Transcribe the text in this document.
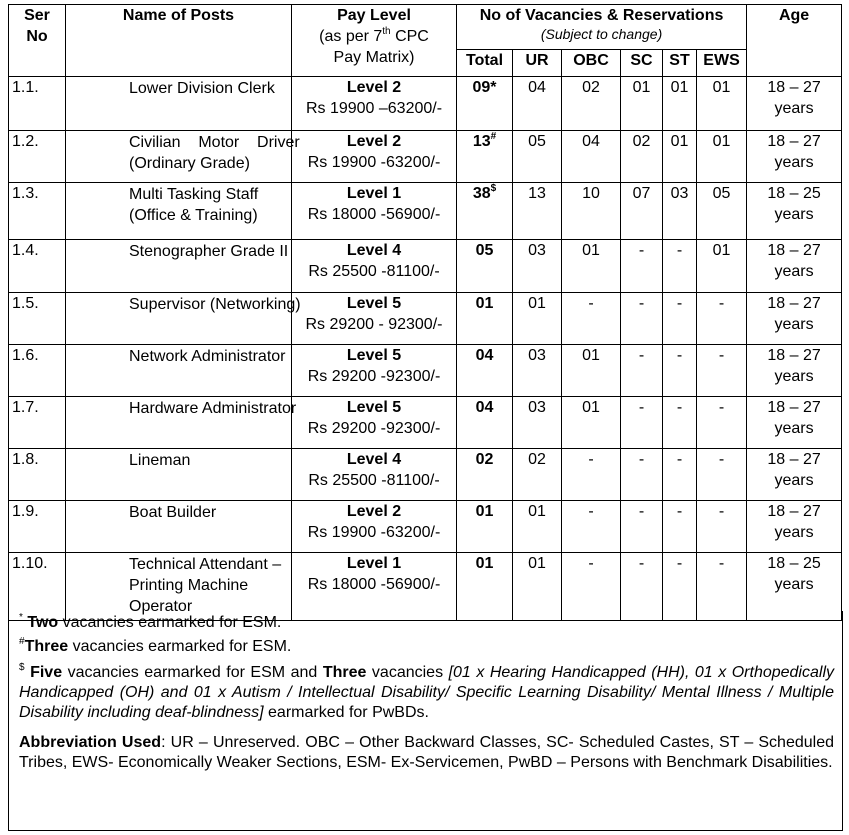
Ser
No	Name of Posts	Pay Level
(as per 7th CPC
Pay Matrix)	No of Vacancies & Reservations
(Subject to change)						Age
			Total	UR	OBC	SC	ST	EWS	
1.1.	Lower Division Clerk	Level 2
Rs 19900 –63200/-	09*	04	02	01	01	01	18 – 27
years

1.2.	Civilian    Motor    Driver
(Ordinary Grade)	Level 2
Rs 19900 -63200/-	13#	05	04	02	01	01	18 – 27
years

1.3.	Multi Tasking Staff
(Office & Training)	Level 1
Rs 18000 -56900/-	38$	13	10	07	03	05	18 – 25
years

1.4.	Stenographer Grade II	Level 4
Rs 25500 -81100/-	05	03	01	-	-	01	18 – 27
years

1.5.	Supervisor (Networking)	Level 5
Rs 29200 - 92300/-	01	01	-	-	-	-	18 – 27
years

1.6.	Network Administrator	Level 5
Rs 29200 -92300/-	04	03	01	-	-	-	18 – 27
years

1.7.	Hardware Administrator	Level 5
Rs 29200 -92300/-	04	03	01	-	-	-	18 – 27
years

1.8.	Lineman	Level 4
Rs 25500 -81100/-	02	02	-	-	-	-	18 – 27
years

1.9.	Boat Builder	Level 2
Rs 19900 -63200/-	01	01	-	-	-	-	18 – 27
years

1.10.	Technical Attendant –
Printing Machine
Operator	Level 1
Rs 18000 -56900/-	01	01	-	-	-	-	18 – 25
years

* Two vacancies earmarked for ESM.

#Three vacancies earmarked for ESM.

$ Five vacancies earmarked for ESM and Three vacancies [01 x Hearing Handicapped (HH), 01 x Orthopedically Handicapped (OH) and 01 x Autism / Intellectual Disability/ Specific Learning Disability/ Mental Illness / Multiple Disability including deaf-blindness] earmarked for PwBDs.

Abbreviation Used: UR – Unreserved. OBC – Other Backward Classes, SC- Scheduled Castes, ST – Scheduled Tribes, EWS- Economically Weaker Sections, ESM- Ex-Servicemen, PwBD – Persons with Benchmark Disabilities.
